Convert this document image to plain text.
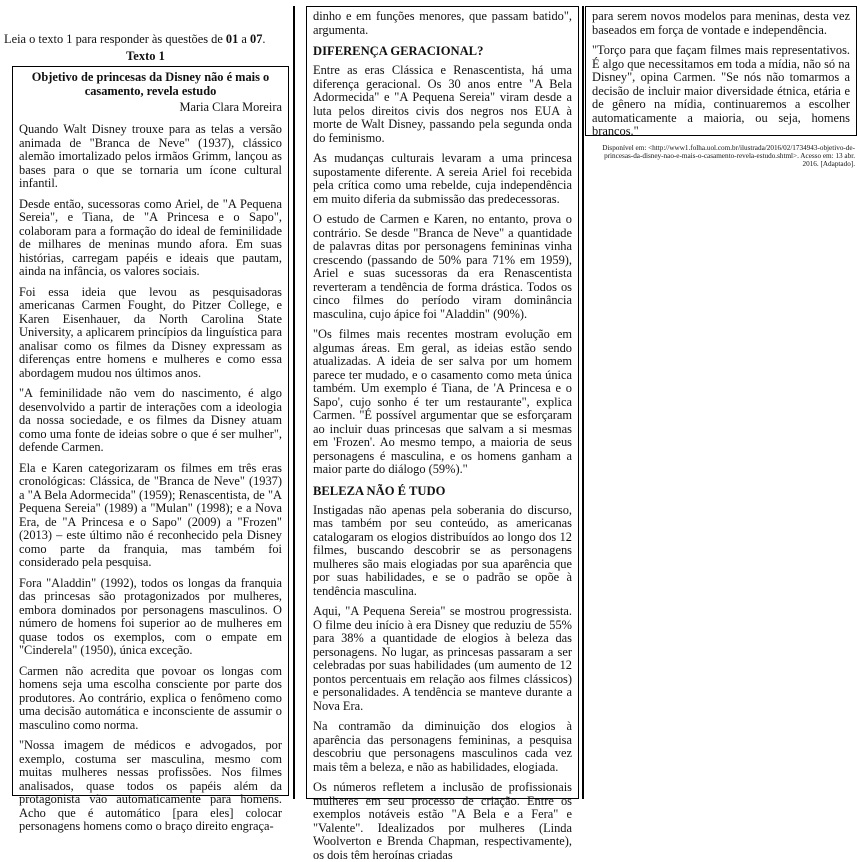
Leia o texto 1 para responder às questões de 01 a 07.
Texto 1
Objetivo de princesas da Disney não é mais o casamento, revela estudo
Maria Clara Moreira

Quando Walt Disney trouxe para as telas a versão animada de "Branca de Neve" (1937), clássico alemão imortalizado pelos irmãos Grimm, lançou as bases para o que se tornaria um ícone cultural infantil.

Desde então, sucessoras como Ariel, de "A Pequena Sereia", e Tiana, de "A Princesa e o Sapo", colaboram para a formação do ideal de feminilidade de milhares de meninas mundo afora. Em suas histórias, carregam papéis e ideais que pautam, ainda na infância, os valores sociais.

Foi essa ideia que levou as pesquisadoras americanas Carmen Fought, do Pitzer College, e Karen Eisenhauer, da North Carolina State University, a aplicarem princípios da linguística para analisar como os filmes da Disney expressam as diferenças entre homens e mulheres e como essa abordagem mudou nos últimos anos.

"A feminilidade não vem do nascimento, é algo desenvolvido a partir de interações com a ideologia da nossa sociedade, e os filmes da Disney atuam como uma fonte de ideias sobre o que é ser mulher", defende Carmen.

Ela e Karen categorizaram os filmes em três eras cronológicas: Clássica, de "Branca de Neve" (1937) a "A Bela Adormecida" (1959); Renascentista, de "A Pequena Sereia" (1989) a "Mulan" (1998); e a Nova Era, de "A Princesa e o Sapo" (2009) a "Frozen" (2013) – este último não é reconhecido pela Disney como parte da franquia, mas também foi considerado pela pesquisa.

Fora "Aladdin" (1992), todos os longas da franquia das princesas são protagonizados por mulheres, embora dominados por personagens masculinos. O número de homens foi superior ao de mulheres em quase todos os exemplos, com o empate em "Cinderela" (1950), única exceção.

Carmen não acredita que povoar os longas com homens seja uma escolha consciente por parte dos produtores. Ao contrário, explica o fenômeno como uma decisão automática e inconsciente de assumir o masculino como norma.

"Nossa imagem de médicos e advogados, por exemplo, costuma ser masculina, mesmo com muitas mulheres nessas profissões. Nos filmes analisados, quase todos os papéis além da protagonista vão automaticamente para homens. Acho que é automático [para eles] colocar personagens homens como o braço direito engraça-

dinho e em funções menores, que passam batido", argumenta.

DIFERENÇA GERACIONAL?

Entre as eras Clássica e Renascentista, há uma diferença geracional. Os 30 anos entre "A Bela Adormecida" e "A Pequena Sereia" viram desde a luta pelos direitos civis dos negros nos EUA à morte de Walt Disney, passando pela segunda onda do feminismo.

As mudanças culturais levaram a uma princesa supostamente diferente. A sereia Ariel foi recebida pela crítica como uma rebelde, cuja independência em muito diferia da submissão das predecessoras.

O estudo de Carmen e Karen, no entanto, prova o contrário. Se desde "Branca de Neve" a quantidade de palavras ditas por personagens femininas vinha crescendo (passando de 50% para 71% em 1959), Ariel e suas sucessoras da era Renascentista reverteram a tendência de forma drástica. Todos os cinco filmes do período viram dominância masculina, cujo ápice foi "Aladdin" (90%).

"Os filmes mais recentes mostram evolução em algumas áreas. Em geral, as ideias estão sendo atualizadas. A ideia de ser salva por um homem parece ter mudado, e o casamento como meta única também. Um exemplo é Tiana, de 'A Princesa e o Sapo', cujo sonho é ter um restaurante", explica Carmen. "É possível argumentar que se esforçaram ao incluir duas princesas que salvam a si mesmas em 'Frozen'. Ao mesmo tempo, a maioria de seus personagens é masculina, e os homens ganham a maior parte do diálogo (59%)."

BELEZA NÃO É TUDO

Instigadas não apenas pela soberania do discurso, mas também por seu conteúdo, as americanas catalogaram os elogios distribuídos ao longo dos 12 filmes, buscando descobrir se as personagens mulheres são mais elogiadas por sua aparência que por suas habilidades, e se o padrão se opõe à tendência masculina.

Aqui, "A Pequena Sereia" se mostrou progressista. O filme deu início à era Disney que reduziu de 55% para 38% a quantidade de elogios à beleza das personagens. No lugar, as princesas passaram a ser celebradas por suas habilidades (um aumento de 12 pontos percentuais em relação aos filmes clássicos) e personalidades. A tendência se manteve durante a Nova Era.

Na contramão da diminuição dos elogios à aparência das personagens femininas, a pesquisa descobriu que personagens masculinos cada vez mais têm a beleza, e não as habilidades, elogiada.

Os números refletem a inclusão de profissionais mulheres em seu processo de criação. Entre os exemplos notáveis estão "A Bela e a Fera" e "Valente". Idealizados por mulheres (Linda Woolverton e Brenda Chapman, respectivamente), os dois têm heroínas criadas

para serem novos modelos para meninas, desta vez baseados em força de vontade e independência.

"Torço para que façam filmes mais representativos. É algo que necessitamos em toda a mídia, não só na Disney", opina Carmen. "Se nós não tomarmos a decisão de incluir maior diversidade étnica, etária e de gênero na mídia, continuaremos a escolher automaticamente a maioria, ou seja, homens brancos."

Disponível em: <http://www1.folha.uol.com.br/ilustrada/2016/02/1734943-objetivo-de-princesas-da-disney-nao-e-mais-o-casamento-revela-estudo.shtml>. Acesso em: 13 abr. 2016. [Adaptado].
